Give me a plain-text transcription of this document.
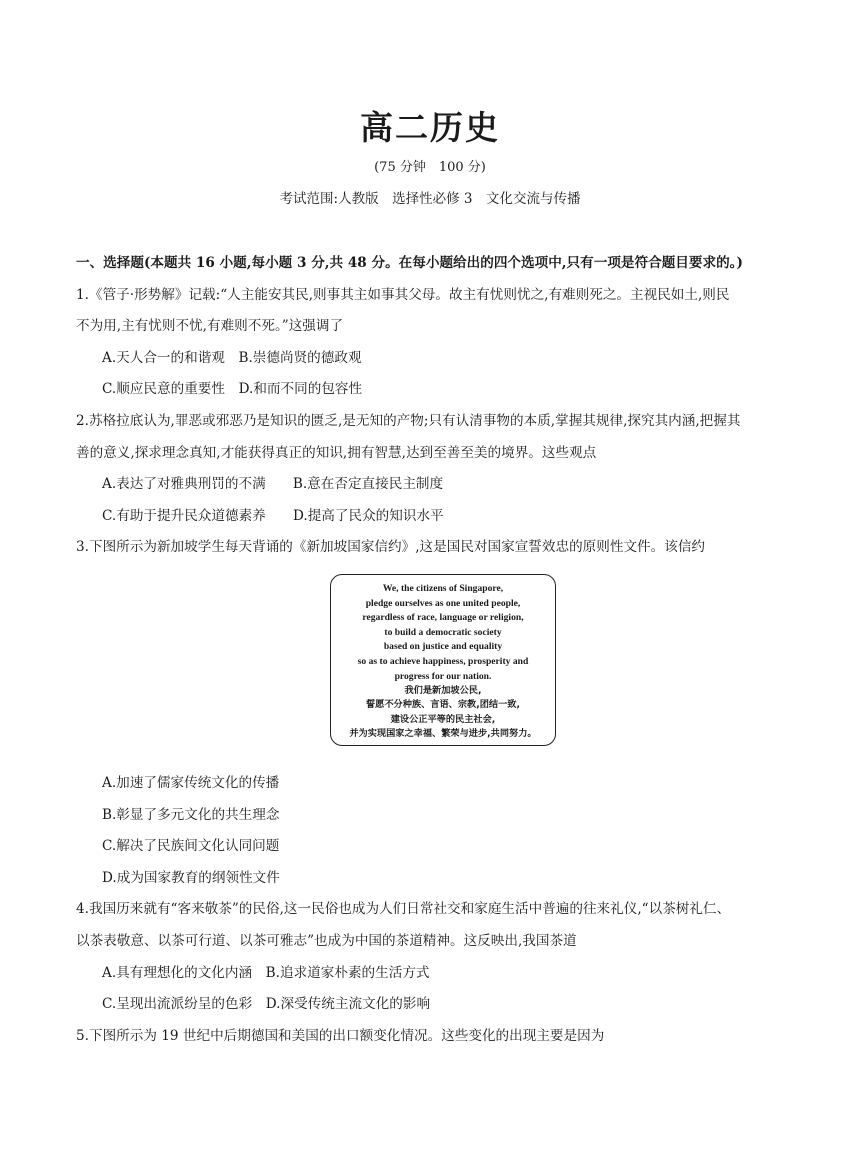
高二历史
(75 分钟　100 分)
考试范围:人教版　选择性必修 3　文化交流与传播
一、选择题(本题共 16 小题,每小题 3 分,共 48 分。在每小题给出的四个选项中,只有一项是符合题目要求的。)
1.《管子·形势解》记载:“人主能安其民,则事其主如事其父母。故主有忧则忧之,有难则死之。主视民如土,则民
不为用,主有忧则不忧,有难则不死。”这强调了
A.天人合一的和谐观　B.崇德尚贤的德政观
C.顺应民意的重要性　D.和而不同的包容性
2.苏格拉底认为,罪恶或邪恶乃是知识的匮乏,是无知的产物;只有认清事物的本质,掌握其规律,探究其内涵,把握其
善的意义,探求理念真知,才能获得真正的知识,拥有智慧,达到至善至美的境界。这些观点
A.表达了对雅典刑罚的不满　　B.意在否定直接民主制度
C.有助于提升民众道德素养　　D.提高了民众的知识水平
3.下图所示为新加坡学生每天背诵的《新加坡国家信约》,这是国民对国家宣誓效忠的原则性文件。该信约
We, the citizens of Singapore,
pledge ourselves as one united people,
regardless of race, language or religion,
to build a democratic society
based on justice and equality
so as to achieve happiness, prosperity and
progress for our nation.
我们是新加坡公民,
誓愿不分种族、言语、宗教,团结一致,
建设公正平等的民主社会,
并为实现国家之幸福、繁荣与进步,共同努力。
A.加速了儒家传统文化的传播
B.彰显了多元文化的共生理念
C.解决了民族间文化认同问题
D.成为国家教育的纲领性文件
4.我国历来就有“客来敬茶”的民俗,这一民俗也成为人们日常社交和家庭生活中普遍的往来礼仪,“以茶树礼仁、
以茶表敬意、以茶可行道、以茶可雅志”也成为中国的茶道精神。这反映出,我国茶道
A.具有理想化的文化内涵　B.追求道家朴素的生活方式
C.呈现出流派纷呈的色彩　D.深受传统主流文化的影响
5.下图所示为 19 世纪中后期德国和美国的出口额变化情况。这些变化的出现主要是因为
